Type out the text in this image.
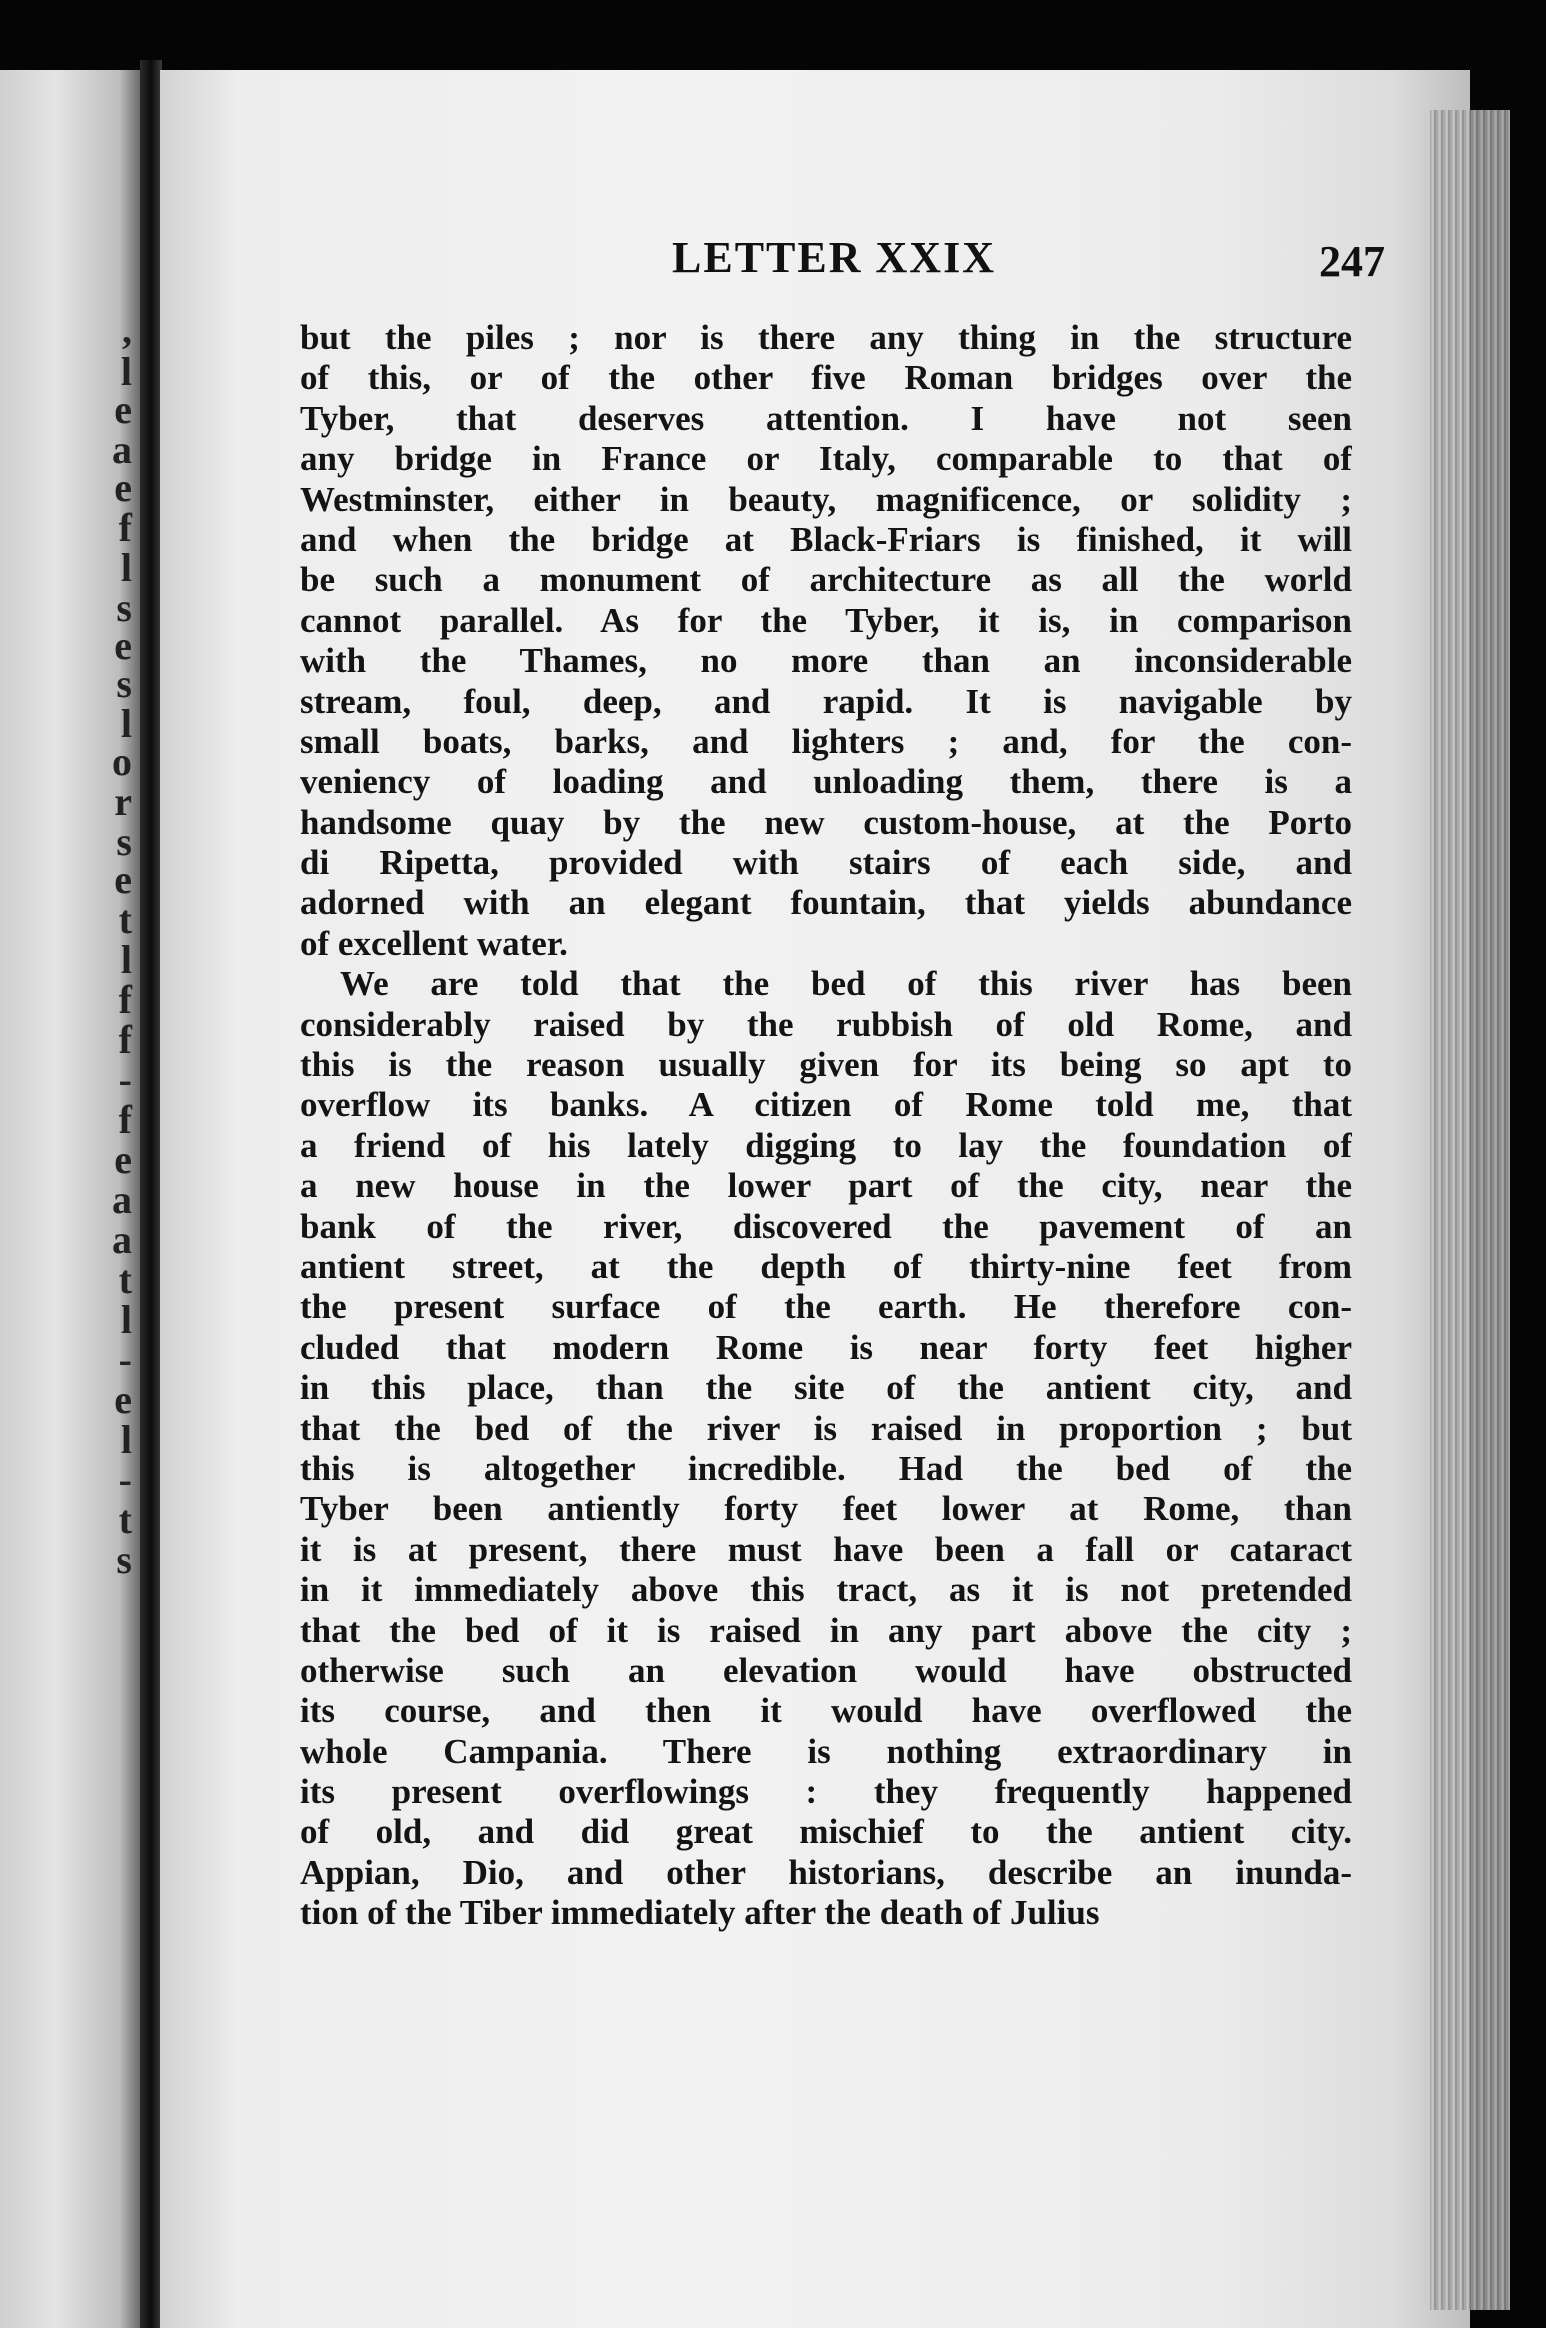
,
l
e
a
e
f
l
s
e
s
l
o
r
s
e
t
l
f
f
-
f
e
a
a
t
l
-
e
l
-
t
s
LETTER XXIX	247
but the piles ; nor is there any thing in the structure
of this, or of the other five Roman bridges over the
Tyber, that deserves attention. I have not seen
any bridge in France or Italy, comparable to that of
Westminster, either in beauty, magnificence, or solidity ;
and when the bridge at Black-Friars is finished, it will
be such a monument of architecture as all the world
cannot parallel. As for the Tyber, it is, in comparison
with the Thames, no more than an inconsiderable
stream, foul, deep, and rapid. It is navigable by
small boats, barks, and lighters ; and, for the con-
veniency of loading and unloading them, there is a
handsome quay by the new custom-house, at the Porto
di Ripetta, provided with stairs of each side, and
adorned with an elegant fountain, that yields abundance
of excellent water.
We are told that the bed of this river has been
considerably raised by the rubbish of old Rome, and
this is the reason usually given for its being so apt to
overflow its banks. A citizen of Rome told me, that
a friend of his lately digging to lay the foundation of
a new house in the lower part of the city, near the
bank of the river, discovered the pavement of an
antient street, at the depth of thirty-nine feet from
the present surface of the earth. He therefore con-
cluded that modern Rome is near forty feet higher
in this place, than the site of the antient city, and
that the bed of the river is raised in proportion ; but
this is altogether incredible. Had the bed of the
Tyber been antiently forty feet lower at Rome, than
it is at present, there must have been a fall or cataract
in it immediately above this tract, as it is not pretended
that the bed of it is raised in any part above the city ;
otherwise such an elevation would have obstructed
its course, and then it would have overflowed the
whole Campania. There is nothing extraordinary in
its present overflowings : they frequently happened
of old, and did great mischief to the antient city.
Appian, Dio, and other historians, describe an inunda-
tion of the Tiber immediately after the death of Julius
